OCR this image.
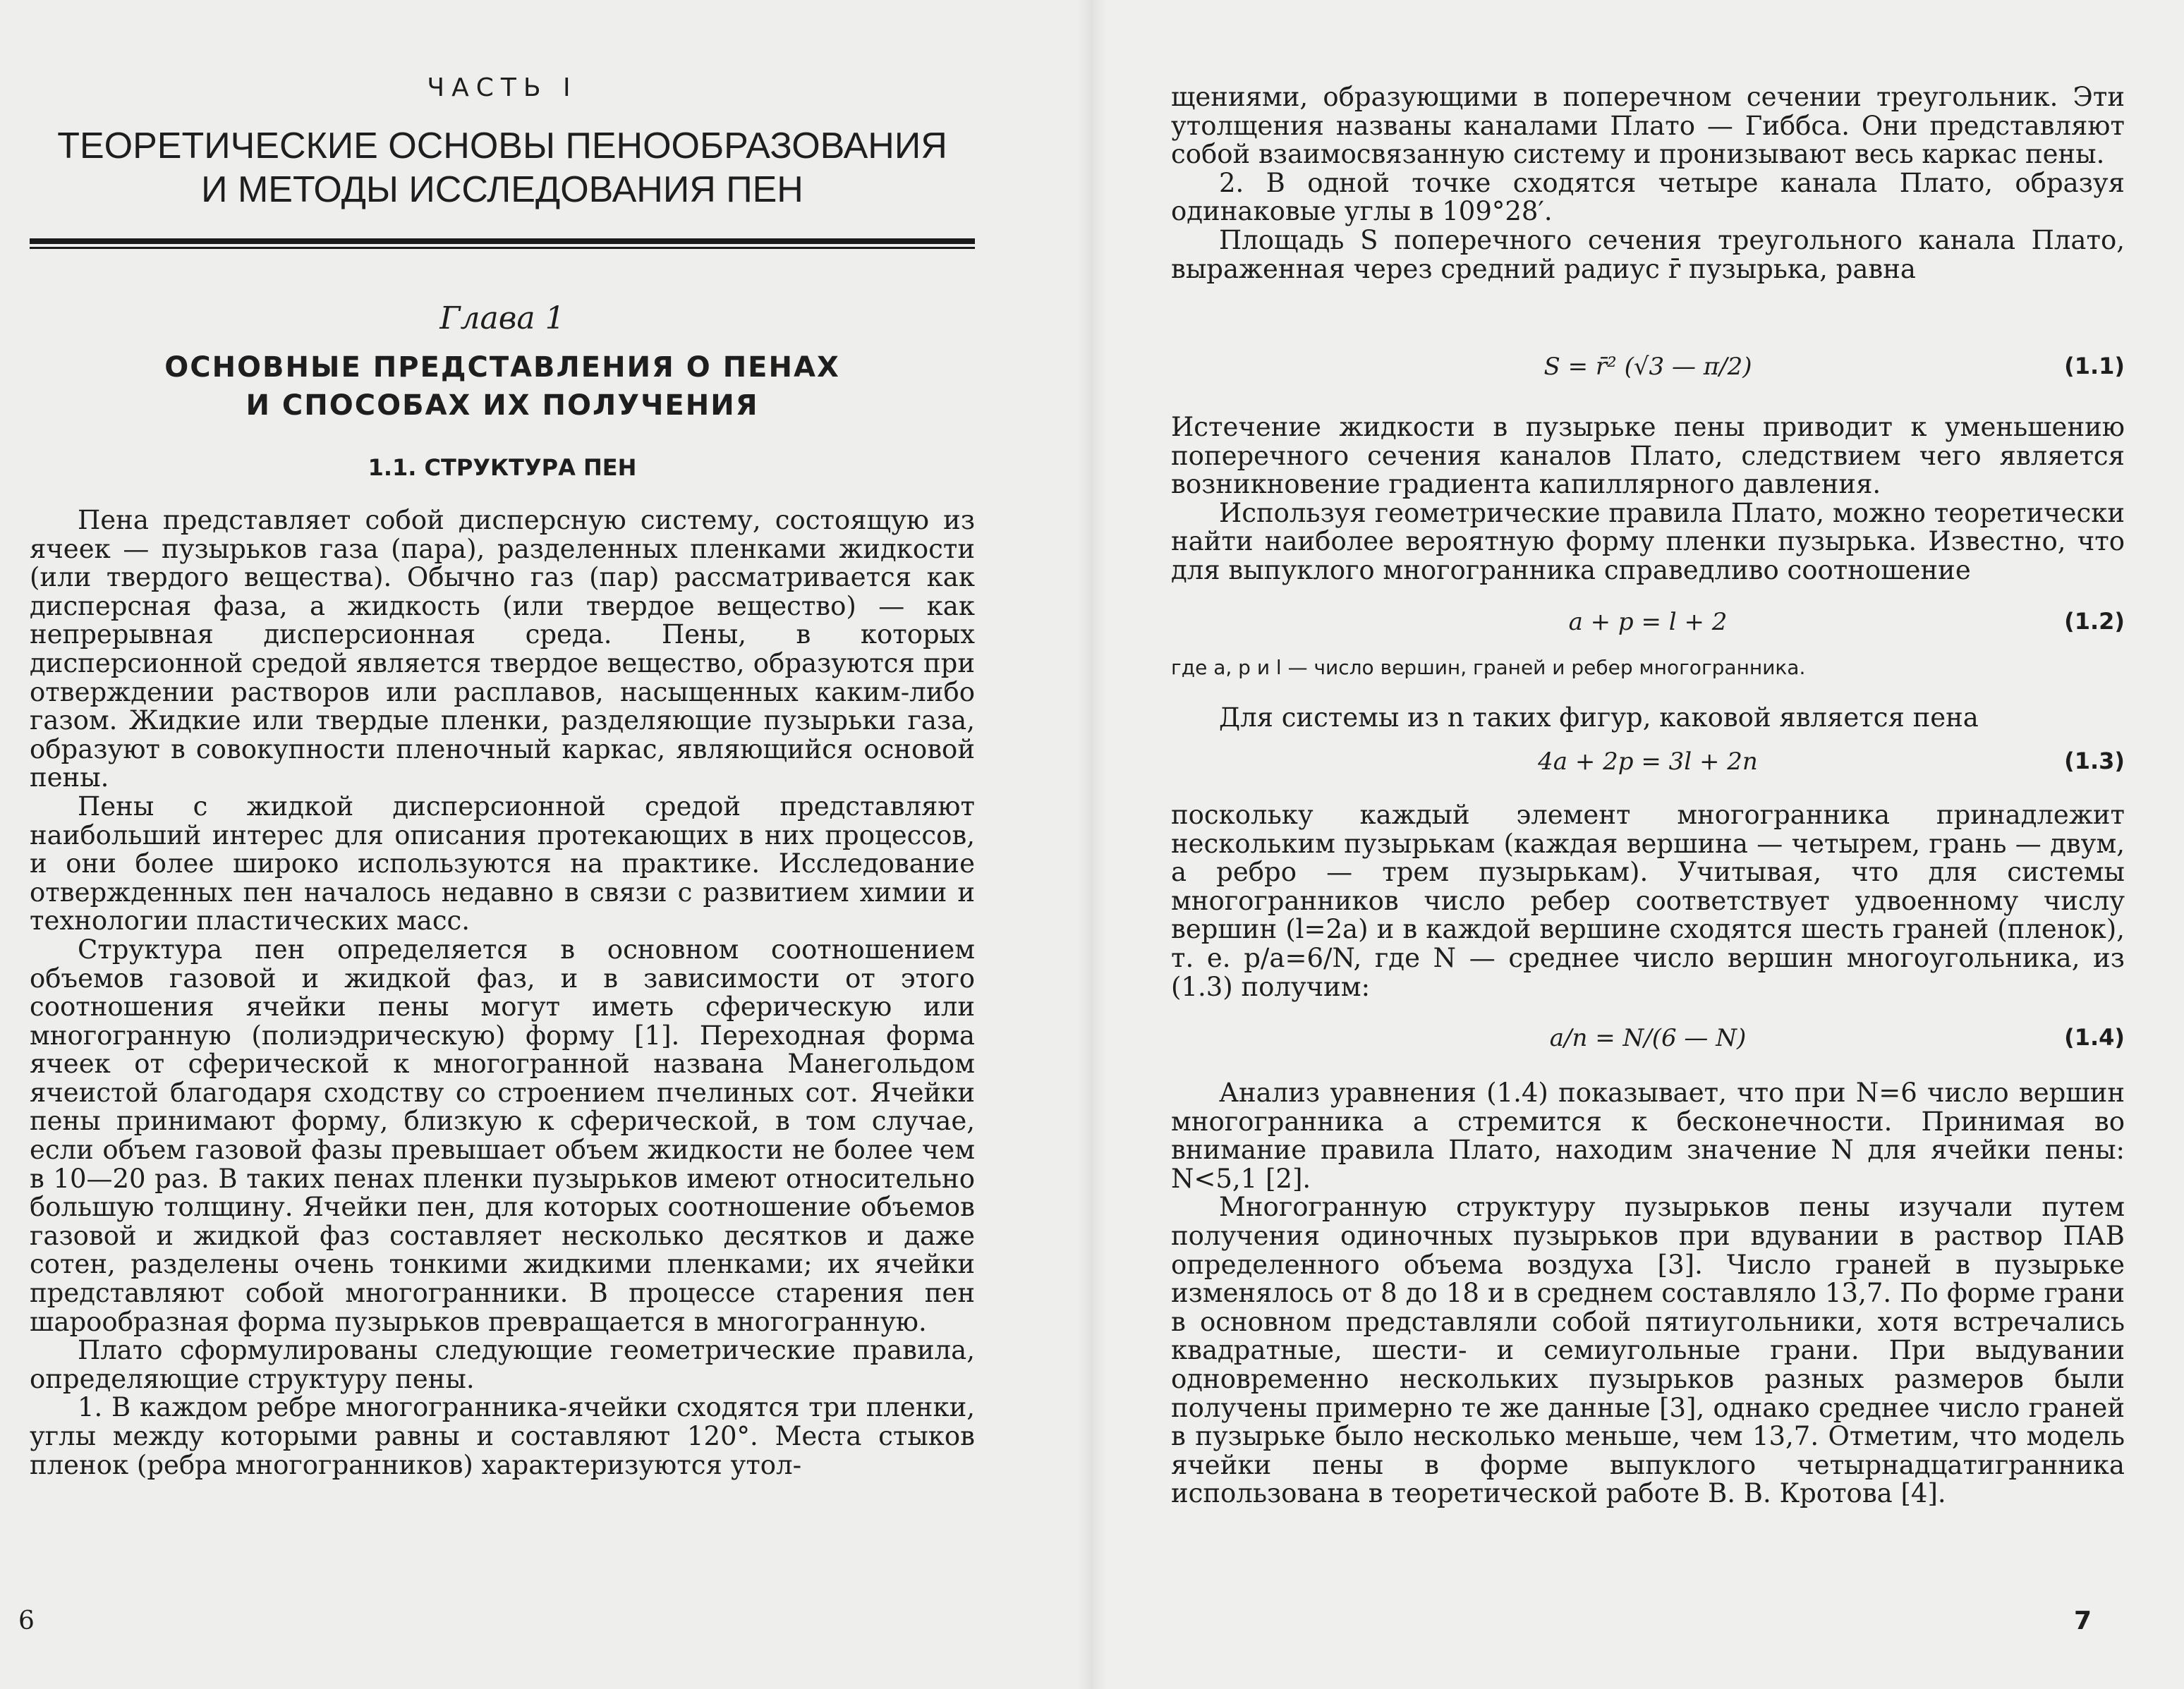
ЧАСТЬ I
ТЕОРЕТИЧЕСКИЕ ОСНОВЫ ПЕНООБРАЗОВАНИЯ
И МЕТОДЫ ИССЛЕДОВАНИЯ ПЕН
Глава 1
ОСНОВНЫЕ ПРЕДСТАВЛЕНИЯ О ПЕНАХ
И СПОСОБАХ ИХ ПОЛУЧЕНИЯ
1.1. СТРУКТУРА ПЕН

Пена представляет собой дисперсную систему, состоящую из ячеек — пузырьков газа (пара), разделенных пленками жидкости (или твердого вещества). Обычно газ (пар) рассматривается как дисперсная фаза, а жидкость (или твердое вещество) — как непрерывная дисперсионная среда. Пены, в которых дисперсионной средой является твердое вещество, образуются при отверждении растворов или расплавов, насыщенных каким-либо газом. Жидкие или твердые пленки, разделяющие пузырьки газа, образуют в совокупности пленочный каркас, являющийся основой пены.

Пены с жидкой дисперсионной средой представляют наибольший интерес для описания протекающих в них процессов, и они более широко используются на практике. Исследование отвержденных пен началось недавно в связи с развитием химии и технологии пластических масс.

Структура пен определяется в основном соотношением объемов газовой и жидкой фаз, и в зависимости от этого соотношения ячейки пены могут иметь сферическую или многогранную (полиэдрическую) форму [1]. Переходная форма ячеек от сферической к многогранной названа Манегольдом ячеистой благодаря сходству со строением пчелиных сот. Ячейки пены принимают форму, близкую к сферической, в том случае, если объем газовой фазы превышает объем жидкости не более чем в 10—20 раз. В таких пенах пленки пузырьков имеют относительно большую толщину. Ячейки пен, для которых соотношение объемов газовой и жидкой фаз составляет несколько десятков и даже сотен, разделены очень тонкими жидкими пленками; их ячейки представляют собой многогранники. В процессе старения пен шарообразная форма пузырьков превращается в многогранную.

Плато сформулированы следующие геометрические правила, определяющие структуру пены.

1. В каждом ребре многогранника-ячейки сходятся три пленки, углы между которыми равны и составляют 120°. Места стыков пленок (ребра многогранников) характеризуются утол-

6

щениями, образующими в поперечном сечении треугольник. Эти утолщения названы каналами Плато — Гиббса. Они представляют собой взаимосвязанную систему и пронизывают весь каркас пены.

2. В одной точке сходятся четыре канала Плато, образуя одинаковые углы в 109°28′.

Площадь S поперечного сечения треугольного канала Плато, выраженная через средний радиус r̄ пузырька, равна

S = r̄² (√3 — π/2)	(1.1)

Истечение жидкости в пузырьке пены приводит к уменьшению поперечного сечения каналов Плато, следствием чего является возникновение градиента капиллярного давления.

Используя геометрические правила Плато, можно теоретически найти наиболее вероятную форму пленки пузырька. Известно, что для выпуклого многогранника справедливо соотношение

a + p = l + 2	(1.2)
где a, p и l — число вершин, граней и ребер многогранника.

Для системы из n таких фигур, каковой является пена

4a + 2p = 3l + 2n	(1.3)

поскольку каждый элемент многогранника принадлежит нескольким пузырькам (каждая вершина — четырем, грань — двум, а ребро — трем пузырькам). Учитывая, что для системы многогранников число ребер соответствует удвоенному числу вершин (l=2a) и в каждой вершине сходятся шесть граней (пленок), т. е. p/a=6/N, где N — среднее число вершин многоугольника, из (1.3) получим:

a/n = N/(6 — N)	(1.4)

Анализ уравнения (1.4) показывает, что при N=6 число вершин многогранника a стремится к бесконечности. Принимая во внимание правила Плато, находим значение N для ячейки пены: N<5,1 [2].

Многогранную структуру пузырьков пены изучали путем получения одиночных пузырьков при вдувании в раствор ПАВ определенного объема воздуха [3]. Число граней в пузырьке изменялось от 8 до 18 и в среднем составляло 13,7. По форме грани в основном представляли собой пятиугольники, хотя встречались квадратные, шести- и семиугольные грани. При выдувании одновременно нескольких пузырьков разных размеров были получены примерно те же данные [3], однако среднее число граней в пузырьке было несколько меньше, чем 13,7. Отметим, что модель ячейки пены в форме выпуклого четырнадцатигранника использована в теоретической работе В. В. Кротова [4].

7
